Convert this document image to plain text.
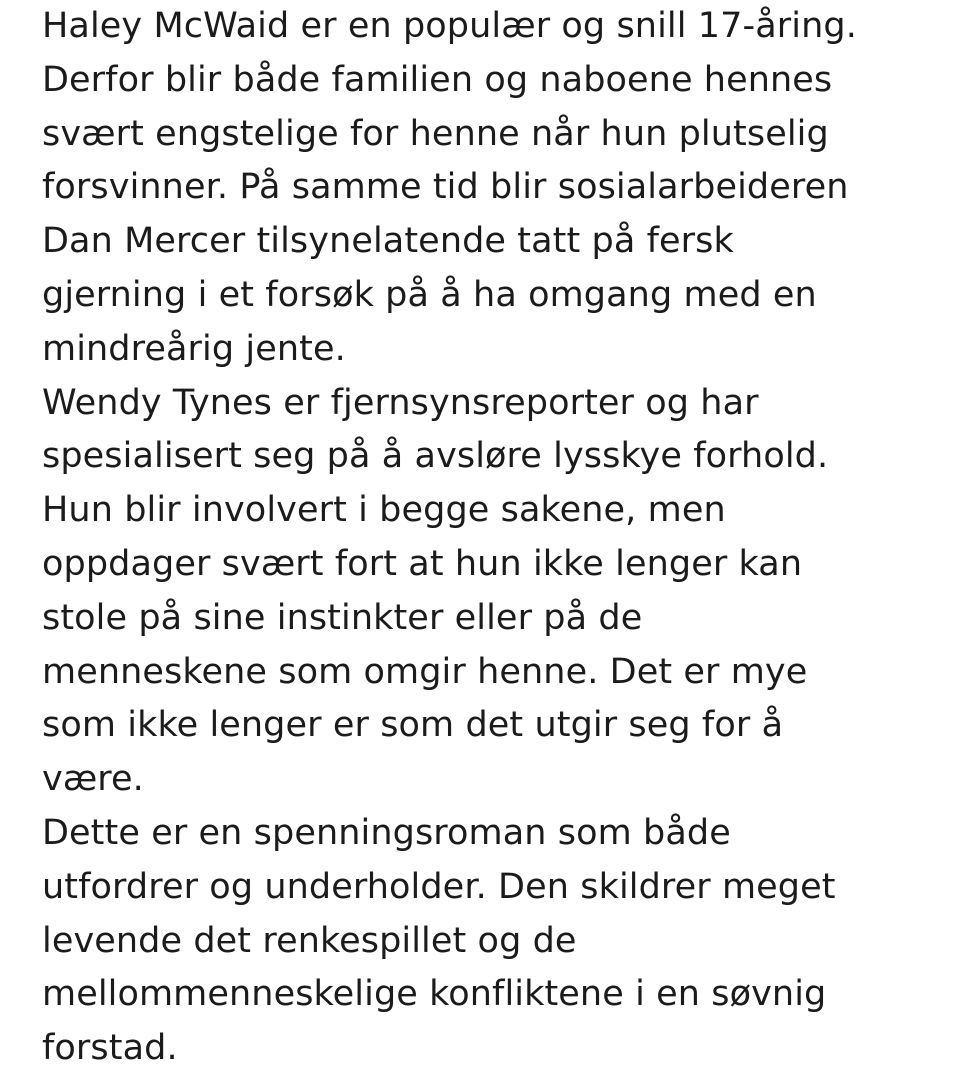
Haley McWaid er en populær og snill 17-åring.
Derfor blir både familien og naboene hennes
svært engstelige for henne når hun plutselig
forsvinner. På samme tid blir sosialarbeideren
Dan Mercer tilsynelatende tatt på fersk
gjerning i et forsøk på å ha omgang med en
mindreårig jente.
Wendy Tynes er fjernsynsreporter og har
spesialisert seg på å avsløre lysskye forhold.
Hun blir involvert i begge sakene, men
oppdager svært fort at hun ikke lenger kan
stole på sine instinkter eller på de
menneskene som omgir henne. Det er mye
som ikke lenger er som det utgir seg for å
være.
Dette er en spenningsroman som både
utfordrer og underholder. Den skildrer meget
levende det renkespillet og de
mellommenneskelige konfliktene i en søvnig
forstad.
